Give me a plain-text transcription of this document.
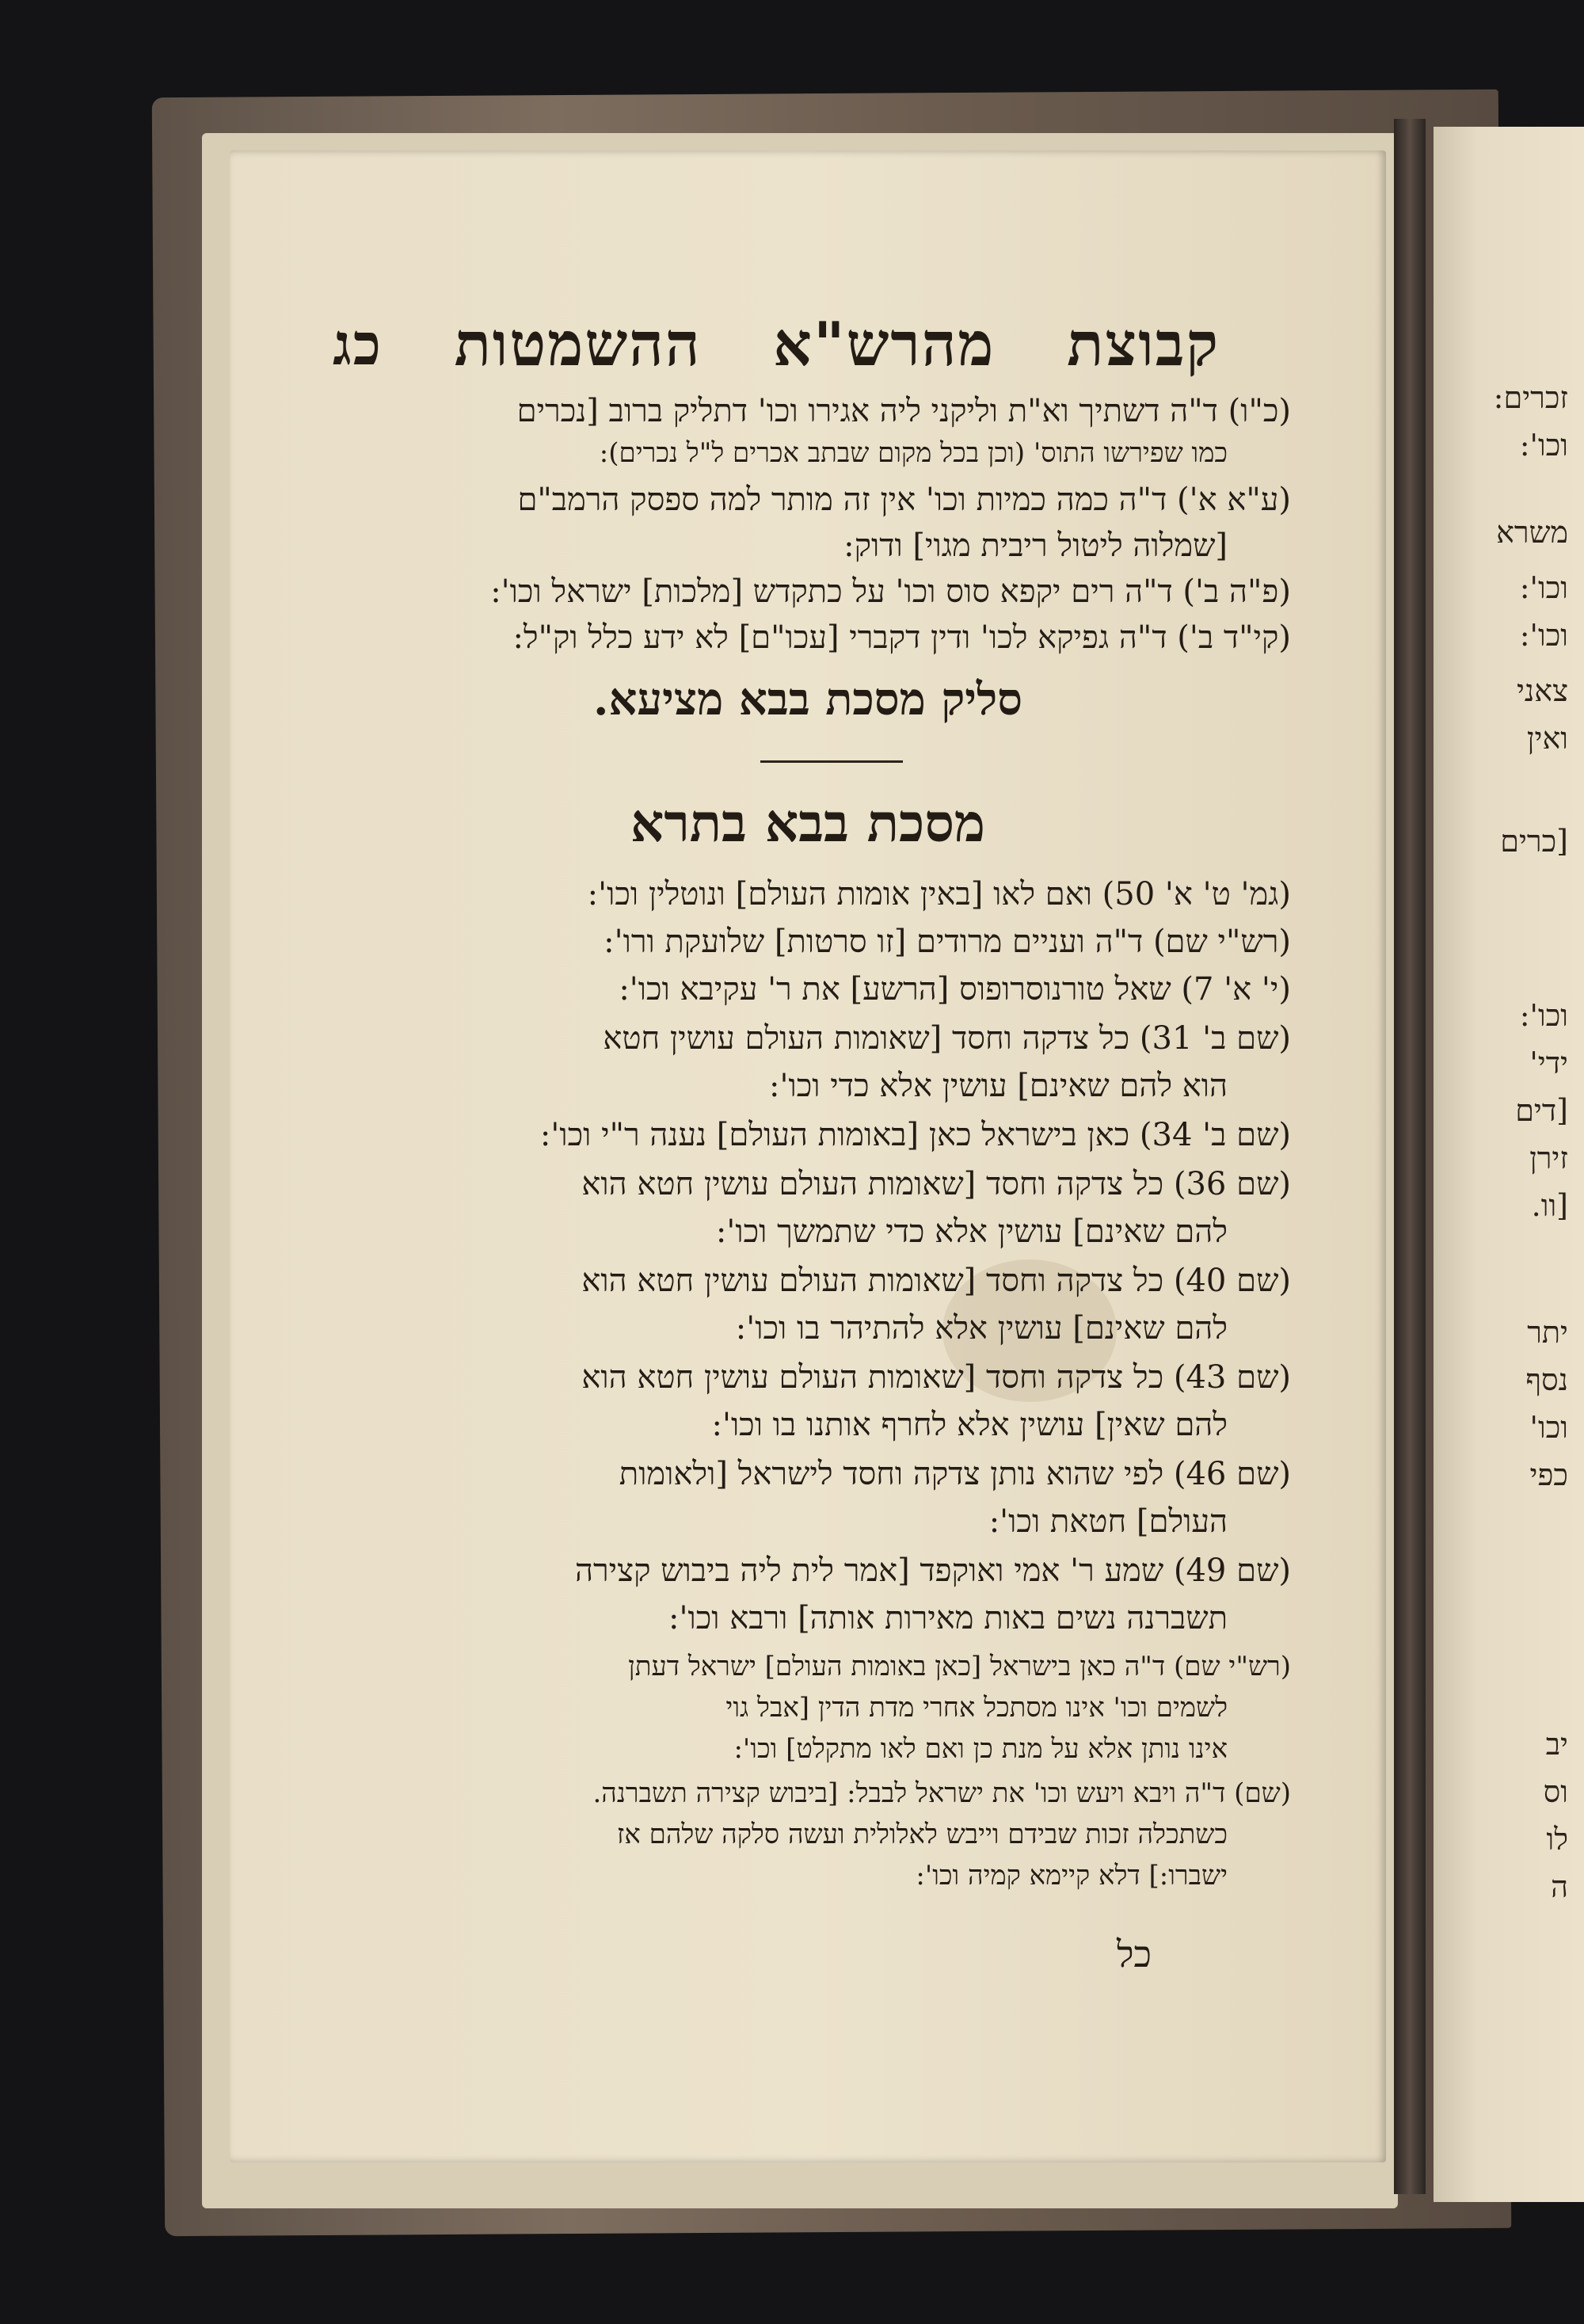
קבוצת
מהרש"א
ההשמטות
כג
(כ"ו) ד"ה דשתיך וא"ת וליקני ליה אגירו וכו' דתליק ברוב [נכרים
כמו שפירשו התוס' (וכן בכל מקום שבתב אכרים ל"ל נכרים):
(ע"א א') ד"ה כמה כמיות וכו' אין זה מותר למה ספסק הרמב"ם
[שמלוה ליטול ריבית מגוי] ודוק:
(פ"ה ב') ד"ה רים יקפא סוס וכו' על כתקדש [מלכות] ישראל וכו':
(קי"ד ב') ד"ה גפיקא לכו' ודין דקברי [עכו"ם] לא ידע כלל וק"ל:
סליק מסכת בבא מציעא.
מסכת בבא בתרא
(גמ' ט' א' 50) ואם לאו [באין אומות העולם] ונוטלין וכו':
(רש"י שם) ד"ה ועניים מרודים [זו סרטות] שלועקת ורו':
(י' א' 7) שאל טורנוסרופוס [הרשע] את ר' עקיבא וכו':
(שם ב' 31) כל צדקה וחסד [שאומות העולם עושין חטא
הוא להם שאינם] עושין אלא כדי וכו':
(שם ב' 34) כאן בישראל כאן [באומות העולם] נענה ר"י וכו':
(שם 36) כל צדקה וחסד [שאומות העולם עושין חטא הוא
להם שאינם] עושין אלא כדי שתמשך וכו':
(שם 40) כל צדקה וחסד [שאומות העולם עושין חטא הוא
להם שאינם] עושין אלא להתיהר בו וכו':
(שם 43) כל צדקה וחסד [שאומות העולם עושין חטא הוא
להם שאין] עושין אלא לחרף אותנו בו וכו':
(שם 46) לפי שהוא נותן צדקה וחסד לישראל [ולאומות
העולם] חטאת וכו':
(שם 49) שמע ר' אמי ואוקפד [אמר לית ליה ביבוש קצירה
תשברנה נשים באות מאירות אותה] ורבא וכו':
(רש"י שם) ד"ה כאן בישראל [כאן באומות העולם] ישראל דעתן
לשמים וכו' אינו מסתכל אחרי מדת הדין [אבל גוי
אינו נותן אלא על מנת כן ואם לאו מתקלט] וכו':
(שם) ד"ה ויבא ויעש וכו' את ישראל לבבל: [ביבוש קצירה תשברנה.
כשתכלה זכות שבידם וייבש לאלולית ועשה סלקה שלהם אז
ישברו:] דלא קיימא קמיה וכו':
כל
זכרים:
וכו':
משרא
וכו':
וכו':
צאני
ואין
[כרים
וכו':
ידי'
[דים
זירן
[וו.
יתר
נסף
וכו'
כפי
יב
וס
לו
ה
